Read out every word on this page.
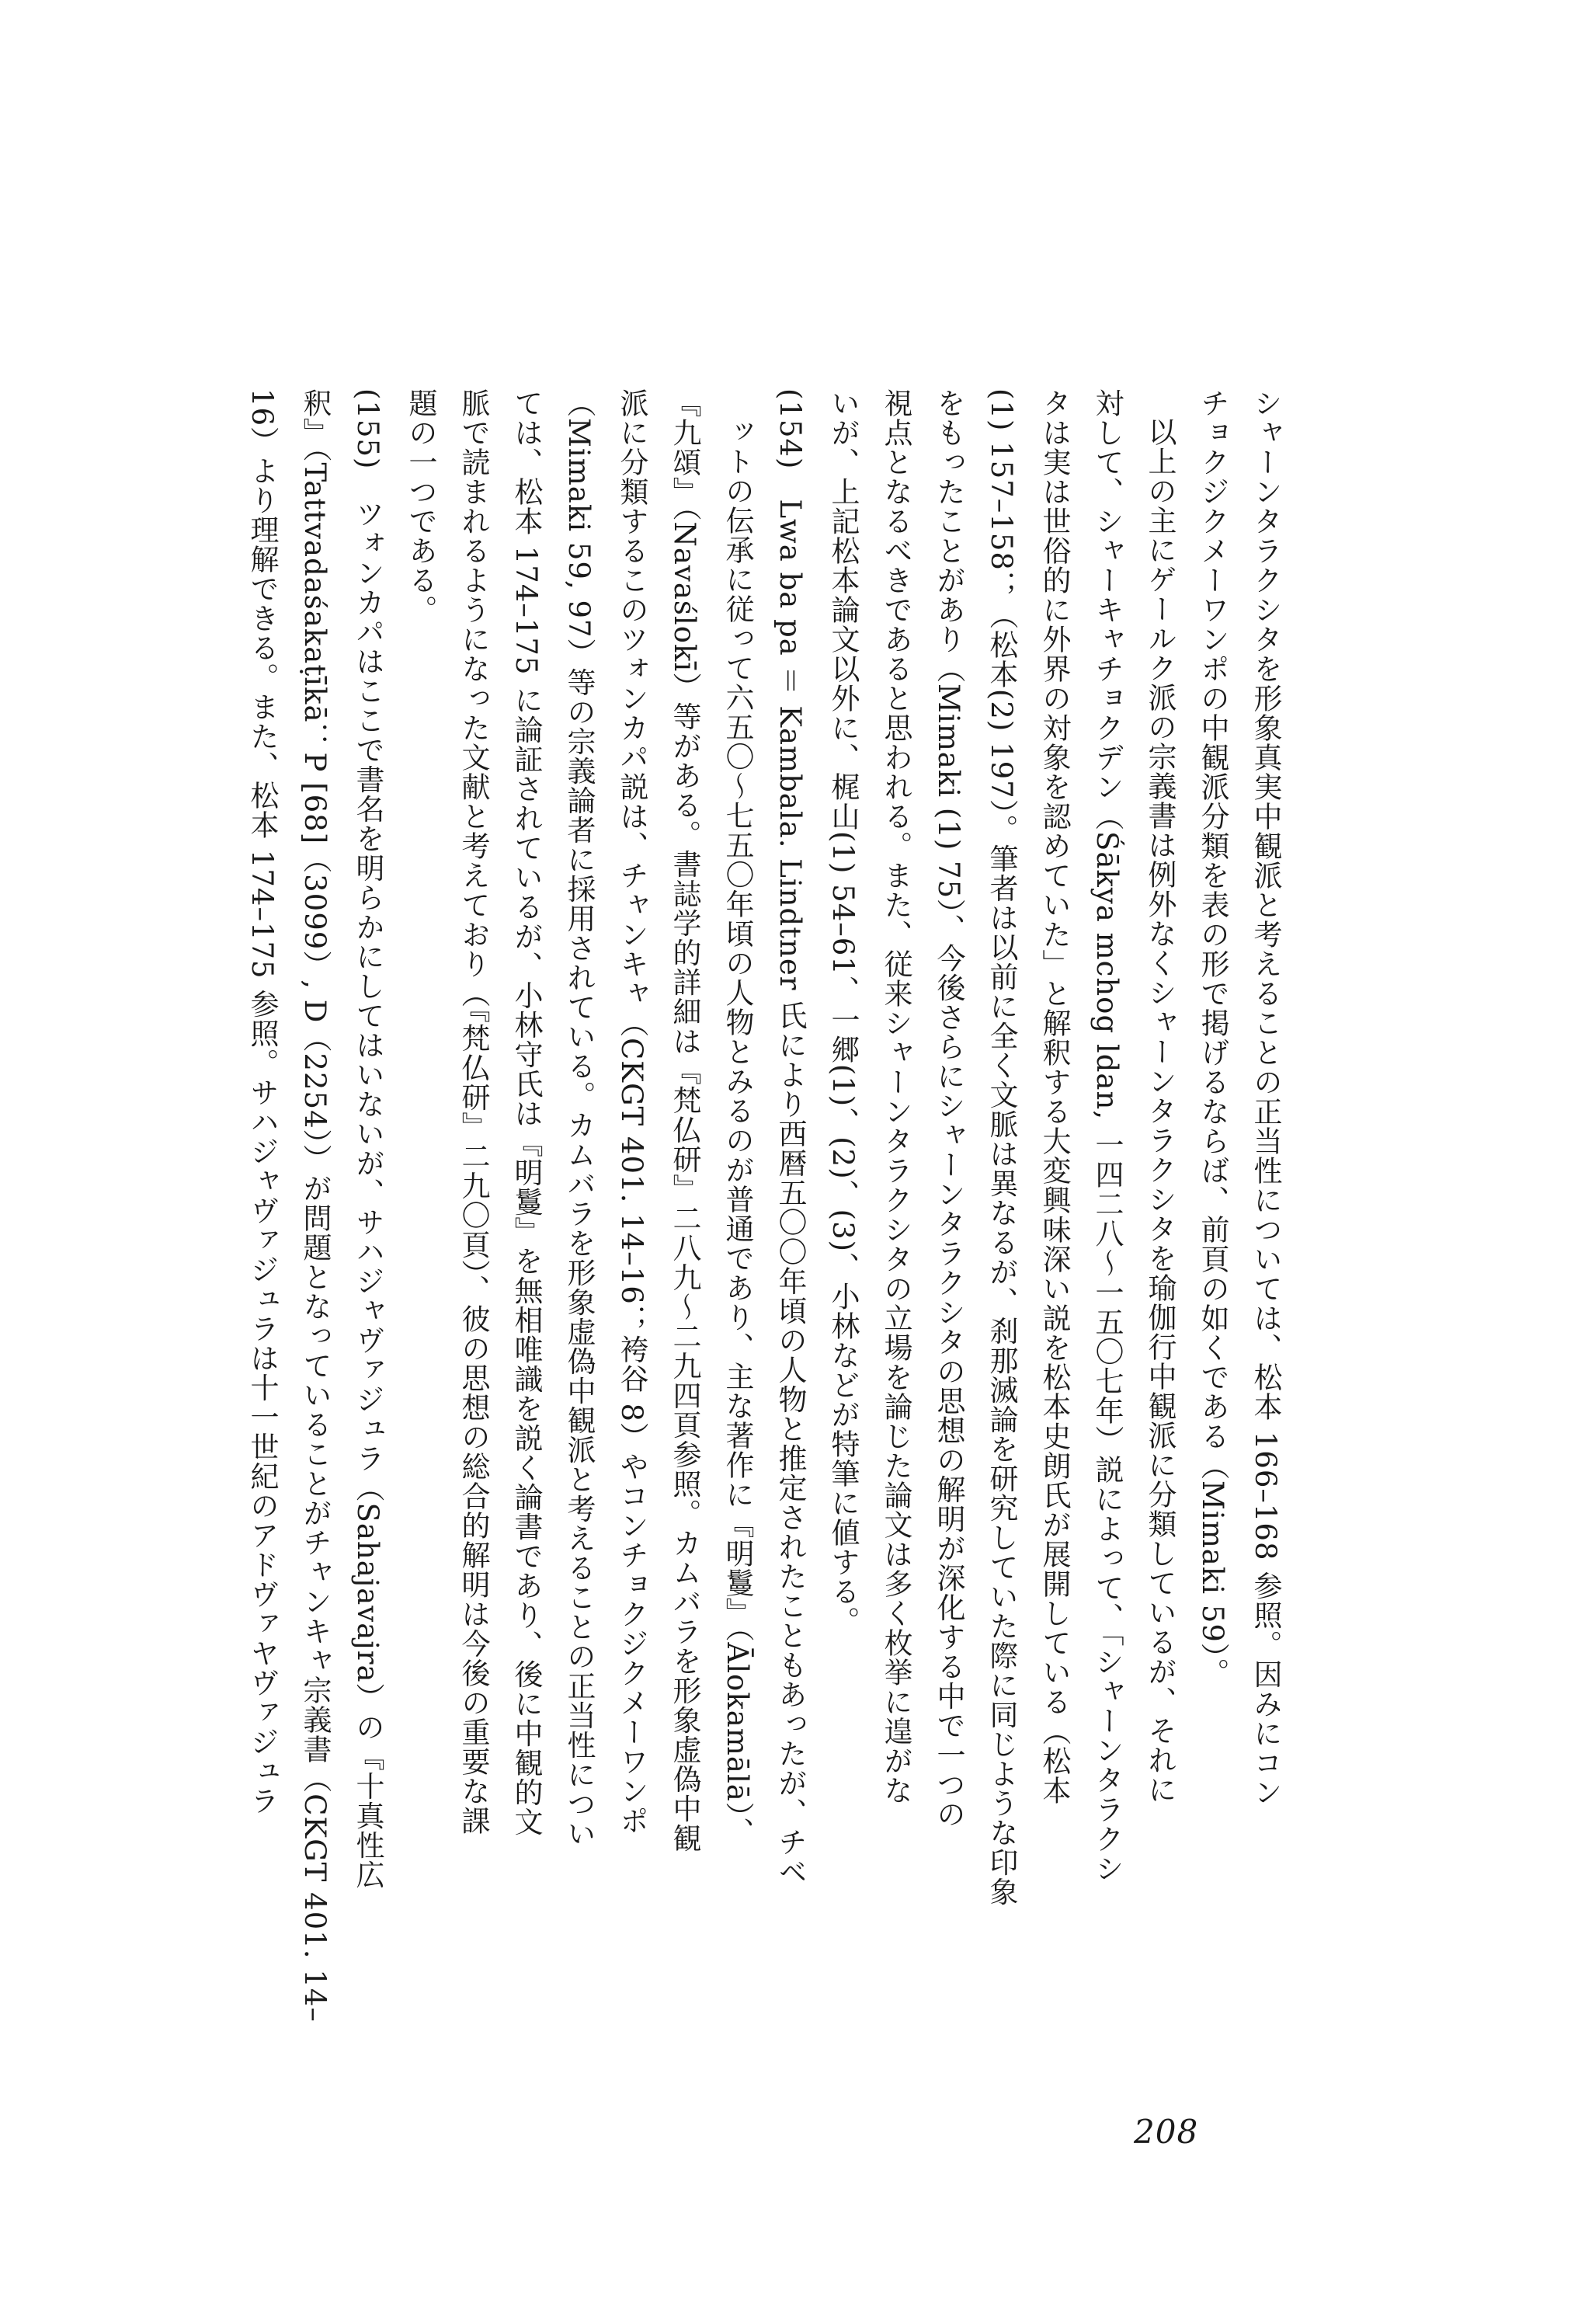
シャーンタラクシタを形象真実中観派と考えることの正当性については、松本 166–168 参照。因みにコン
チョクジクメーワンポの中観派分類を表の形で掲げるならば、前頁の如くである（Mimaki 59）。
以上の主にゲールク派の宗義書は例外なくシャーンタラクシタを瑜伽行中観派に分類しているが、それに
対して、シャーキャチョクデン（Śākya mchog ldan, 一四二八〜一五〇七年）説によって、「シャーンタラクシ
タは実は世俗的に外界の対象を認めていた」と解釈する大変興味深い説を松本史朗氏が展開している（松本
(1) 157–158；（松本(2) 197）。筆者は以前に全く文脈は異なるが、刹那滅論を研究していた際に同じような印象
をもったことがあり（Mimaki (1) 75）、今後さらにシャーンタラクシタの思想の解明が深化する中で一つの
視点となるべきであると思われる。また、従来シャーンタラクシタの立場を論じた論文は多く枚挙に遑がな
いが、上記松本論文以外に、梶山(1) 54–61、一郷(1)、(2)、(3)、小林などが特筆に値する。
(154)　Lwa ba pa ＝ Kambala. Lindtner 氏により西暦五〇〇年頃の人物と推定されたこともあったが、チベ
ットの伝承に従って六五〇〜七五〇年頃の人物とみるのが普通であり、主な著作に『明鬘』（Ālokamālā）、
『九頌』（Navaślokī）等がある。書誌学的詳細は『梵仏研』二八九〜二九四頁参照。カムバラを形象虚偽中観
派に分類するこのツォンカパ説は、チャンキャ（CKGT 401. 14–16；袴谷 8）やコンチョクジクメーワンポ
（Mimaki 59, 97）等の宗義論者に採用されている。カムバラを形象虚偽中観派と考えることの正当性につい
ては、松本 174–175 に論証されているが、小林守氏は『明鬘』を無相唯識を説く論書であり、後に中観的文
脈で読まれるようになった文献と考えており（『梵仏研』二九〇頁）、彼の思想の総合的解明は今後の重要な課
題の一つである。
(155)　ツォンカパはここで書名を明らかにしてはいないが、サハジャヴァジュラ（Sahajavajra）の『十真性広
釈』（Tattvadaśakaṭīkā：P [68]（3099）, D（2254））が問題となっていることがチャンキャ宗義書（CKGT 401. 14–
16）より理解できる。また、松本 174–175 参照。サハジャヴァジュラは十一世紀のアドヴァヤヴァジュラ
208
